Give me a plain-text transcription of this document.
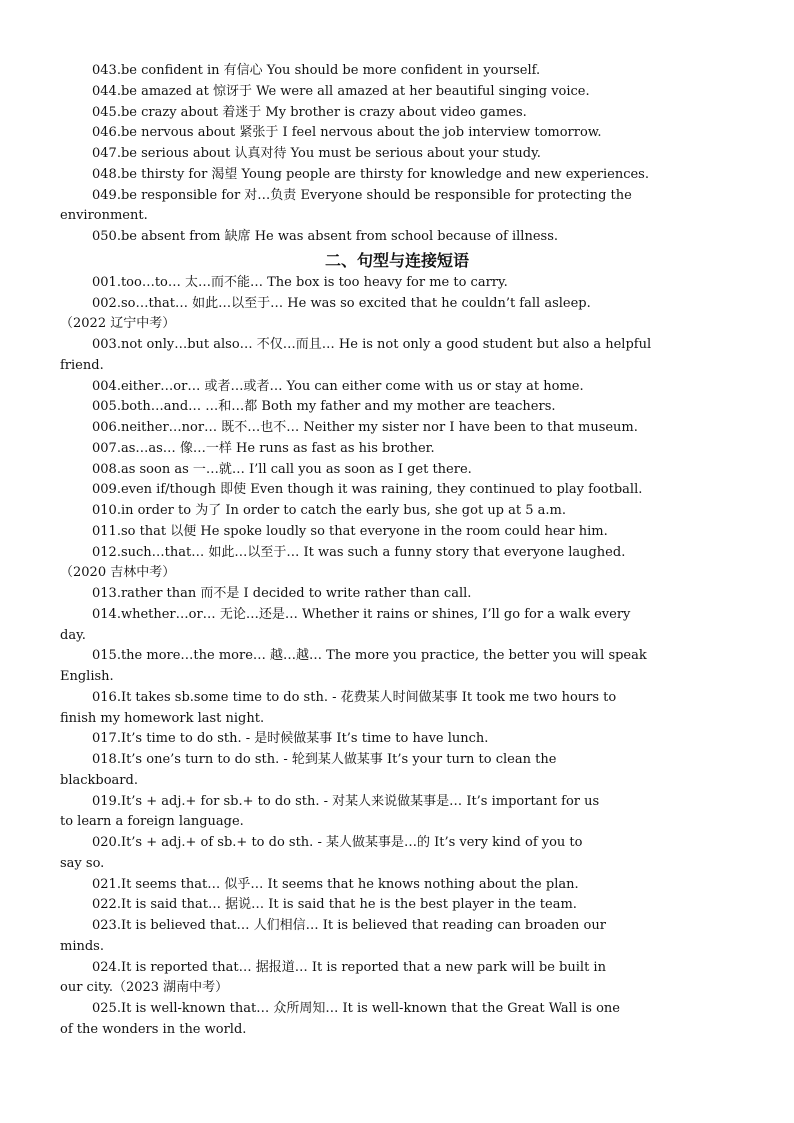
043.be confident in 有信心 You should be more confident in yourself.
044.be amazed at 惊讶于 We were all amazed at her beautiful singing voice.
045.be crazy about 着迷于 My brother is crazy about video games.
046.be nervous about 紧张于 I feel nervous about the job interview tomorrow.
047.be serious about 认真对待 You must be serious about your study.
048.be thirsty for 渴望 Young people are thirsty for knowledge and new experiences.
049.be responsible for 对…负责 Everyone should be responsible for protecting the
environment.
050.be absent from 缺席 He was absent from school because of illness.
二、句型与连接短语
001.too…to… 太…而不能… The box is too heavy for me to carry.
002.so…that… 如此…以至于… He was so excited that he couldn’t fall asleep.
（2022 辽宁中考）
003.not only…but also… 不仅…而且… He is not only a good student but also a helpful
friend.
004.either…or… 或者…或者… You can either come with us or stay at home.
005.both…and… …和…都 Both my father and my mother are teachers.
006.neither…nor… 既不…也不… Neither my sister nor I have been to that museum.
007.as…as… 像…一样 He runs as fast as his brother.
008.as soon as 一…就… I’ll call you as soon as I get there.
009.even if/though 即使 Even though it was raining, they continued to play football.
010.in order to 为了 In order to catch the early bus, she got up at 5 a.m.
011.so that 以便 He spoke loudly so that everyone in the room could hear him.
012.such…that… 如此…以至于… It was such a funny story that everyone laughed.
（2020 吉林中考）
013.rather than 而不是 I decided to write rather than call.
014.whether…or… 无论…还是… Whether it rains or shines, I’ll go for a walk every
day.
015.the more…the more… 越…越… The more you practice, the better you will speak
English.
016.It takes sb.some time to do sth. - 花费某人时间做某事 It took me two hours to
finish my homework last night.
017.It’s time to do sth. - 是时候做某事 It’s time to have lunch.
018.It’s one’s turn to do sth. - 轮到某人做某事 It’s your turn to clean the
blackboard.
019.It’s + adj.+ for sb.+ to do sth. - 对某人来说做某事是… It’s important for us
to learn a foreign language.
020.It’s + adj.+ of sb.+ to do sth. - 某人做某事是…的 It’s very kind of you to
say so.
021.It seems that… 似乎… It seems that he knows nothing about the plan.
022.It is said that… 据说… It is said that he is the best player in the team.
023.It is believed that… 人们相信… It is believed that reading can broaden our
minds.
024.It is reported that… 据报道… It is reported that a new park will be built in
our city.（2023 湖南中考）
025.It is well-known that… 众所周知… It is well-known that the Great Wall is one
of the wonders in the world.
